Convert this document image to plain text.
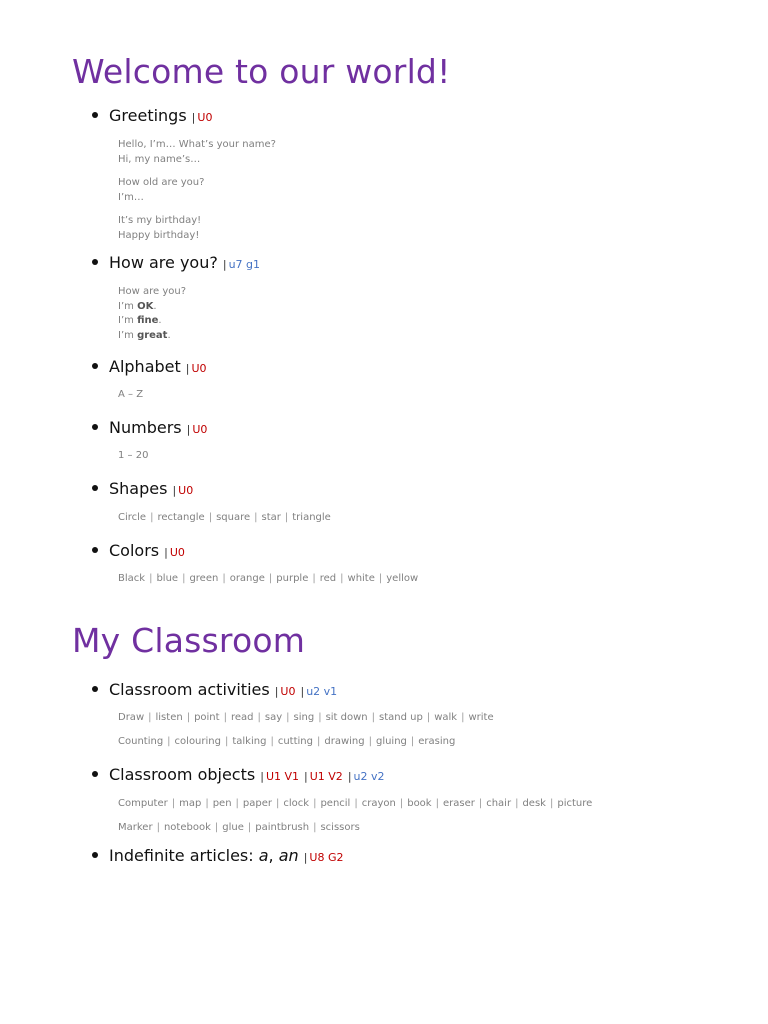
Welcome to our world!
Greetings | U0
Hello, I’m… What’s your name?
Hi, my name’s…
How old are you?
I’m…
It’s my birthday!
Happy birthday!
How are you? | u7 g1
How are you?
I’m OK.
I’m fine.
I’m great.
Alphabet | U0
A – Z
Numbers | U0
1 – 20
Shapes | U0
Circle | rectangle | square | star | triangle
Colors | U0
Black | blue | green | orange | purple | red | white | yellow
My Classroom
Classroom activities | U0 | u2 v1
Draw | listen | point | read | say | sing | sit down | stand up | walk | write
Counting | colouring | talking | cutting | drawing | gluing | erasing
Classroom objects | U1 V1 | U1 V2 | u2 v2
Computer | map | pen | paper | clock | pencil | crayon | book | eraser | chair | desk | picture
Marker | notebook | glue | paintbrush | scissors
Indefinite articles: a, an | U8 G2
